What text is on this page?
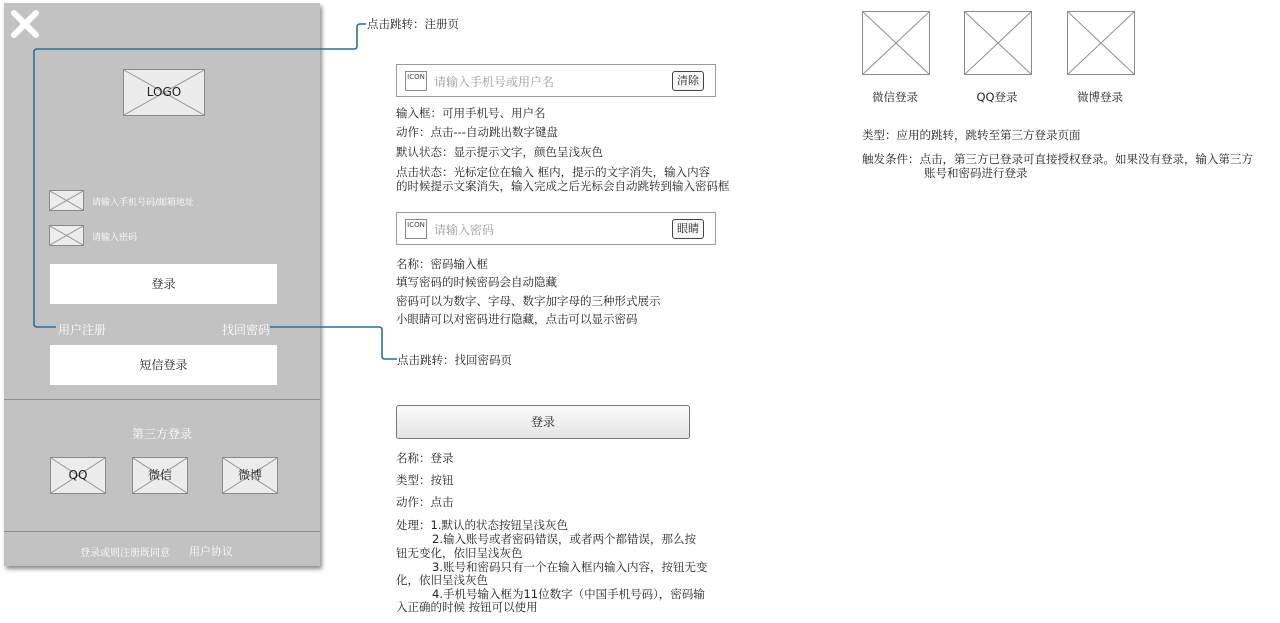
LOGO
请输入手机号码/邮箱地址
请输入密码
登录
用户注册	找回密码
短信登录
第三方登录
QQ	微信	微博
登录或则注册既同意 用户协议
点击跳转：注册页
点击跳转：找回密码页
ICON 请输入手机号或用户名	清除
输入框：可用手机号、用户名
动作：点击---自动跳出数字键盘
默认状态：显示提示文字，颜色呈浅灰色
点击状态：光标定位在输入 框内，提示的文字消失，输入内容
的时候提示文案消失，输入完成之后光标会自动跳转到输入密码框
ICON 请输入密码	眼睛
名称：密码输入框
填写密码的时候密码会自动隐藏
密码可以为数字、字母、数字加字母的三种形式展示
小眼睛可以对密码进行隐藏，点击可以显示密码
登录
名称：登录
类型：按钮
动作：点击
处理：1.默认的状态按钮呈浅灰色
2.输入账号或者密码错误，或者两个都错误，那么按
钮无变化，依旧呈浅灰色
3.账号和密码只有一个在输入框内输入内容，按钮无变
化，依旧呈浅灰色
4.手机号输入框为11位数字（中国手机号码），密码输
入正确的时候 按钮可以使用
微信登录	QQ登录	微博登录
类型：应用的跳转，跳转至第三方登录页面
触发条件：点击，第三方已登录可直接授权登录。如果没有登录，输入第三方
账号和密码进行登录
